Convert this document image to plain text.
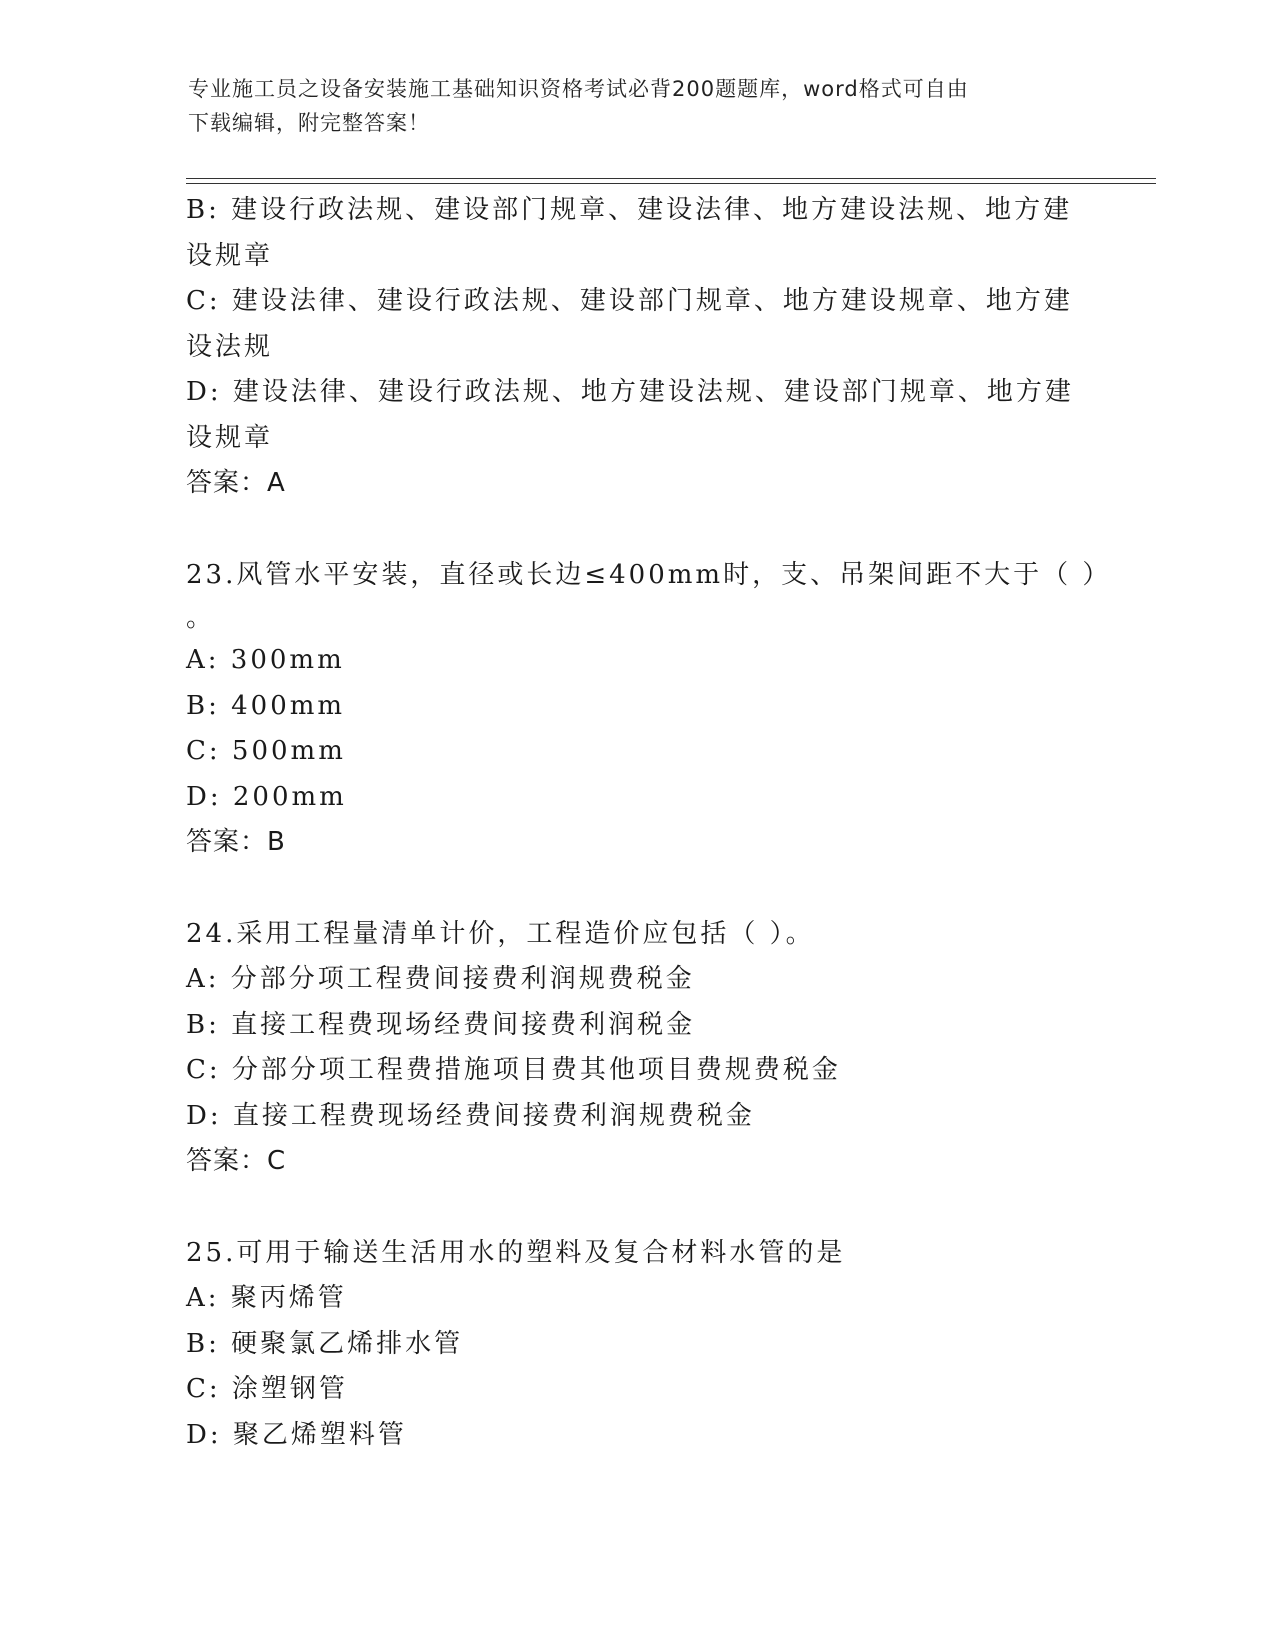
专业施工员之设备安装施工基础知识资格考试必背200题题库，word格式可自由
下载编辑，附完整答案！
B: 建设行政法规、建设部门规章、建设法律、地方建设法规、地方建
设规章
C: 建设法律、建设行政法规、建设部门规章、地方建设规章、地方建
设法规
D: 建设法律、建设行政法规、地方建设法规、建设部门规章、地方建
设规章
答案：A
23.风管水平安装，直径或长边≤400mm时，支、吊架间距不大于（ ）
。
A: 300mm
B: 400mm
C: 500mm
D: 200mm
答案：B
24.采用工程量清单计价，工程造价应包括（ ）。
A: 分部分项工程费间接费利润规费税金
B: 直接工程费现场经费间接费利润税金
C: 分部分项工程费措施项目费其他项目费规费税金
D: 直接工程费现场经费间接费利润规费税金
答案：C
25.可用于输送生活用水的塑料及复合材料水管的是
A: 聚丙烯管
B: 硬聚氯乙烯排水管
C: 涂塑钢管
D: 聚乙烯塑料管
